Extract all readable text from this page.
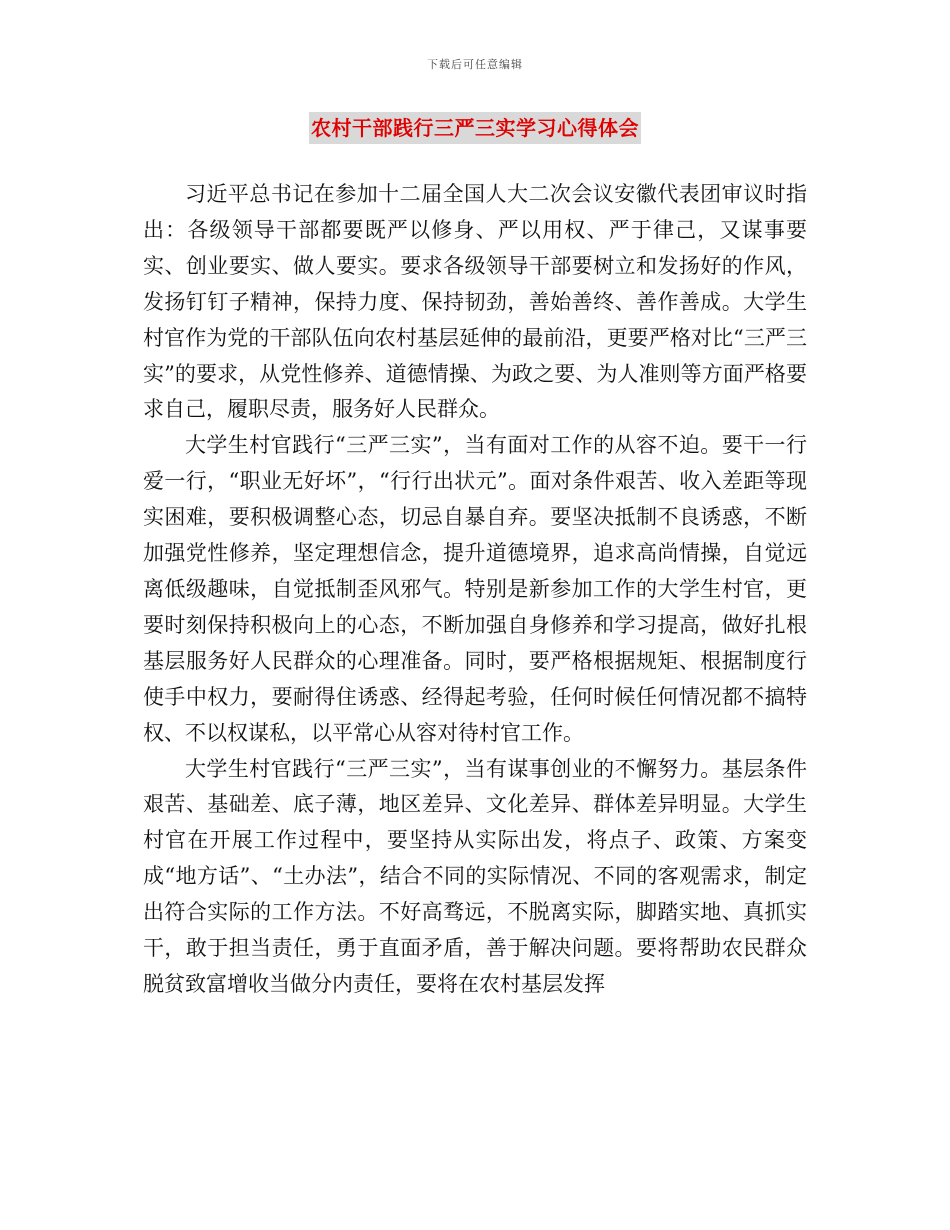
下载后可任意编辑
农村干部践行三严三实学习心得体会

习近平总书记在参加十二届全国人大二次会议安徽代表团审议时指出：各级领导干部都要既严以修身、严以用权、严于律己，又谋事要实、创业要实、做人要实。要求各级领导干部要树立和发扬好的作风，发扬钉钉子精神，保持力度、保持韧劲，善始善终、善作善成。大学生村官作为党的干部队伍向农村基层延伸的最前沿，更要严格对比“三严三实”的要求，从党性修养、道德情操、为政之要、为人准则等方面严格要求自己，履职尽责，服务好人民群众。

大学生村官践行“三严三实”，当有面对工作的从容不迫。要干一行爱一行，“职业无好坏”，“行行出状元”。面对条件艰苦、收入差距等现实困难，要积极调整心态，切忌自暴自弃。要坚决抵制不良诱惑，不断加强党性修养，坚定理想信念，提升道德境界，追求高尚情操，自觉远离低级趣味，自觉抵制歪风邪气。特别是新参加工作的大学生村官，更要时刻保持积极向上的心态，不断加强自身修养和学习提高，做好扎根基层服务好人民群众的心理准备。同时，要严格根据规矩、根据制度行使手中权力，要耐得住诱惑、经得起考验，任何时候任何情况都不搞特权、不以权谋私，以平常心从容对待村官工作。

大学生村官践行“三严三实”，当有谋事创业的不懈努力。基层条件艰苦、基础差、底子薄，地区差异、文化差异、群体差异明显。大学生村官在开展工作过程中，要坚持从实际出发，将点子、政策、方案变成“地方话”、“土办法”，结合不同的实际情况、不同的客观需求，制定出符合实际的工作方法。不好高骛远，不脱离实际，脚踏实地、真抓实干，敢于担当责任，勇于直面矛盾，善于解决问题。要将帮助农民群众脱贫致富增收当做分内责任，要将在农村基层发挥
